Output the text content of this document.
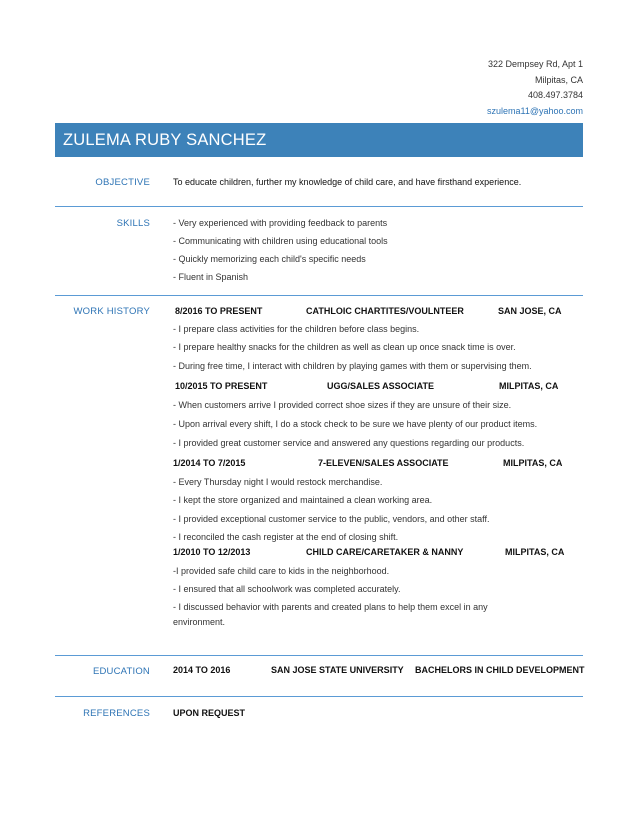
322 Dempsey Rd, Apt 1
Milpitas, CA
408.497.3784
szulema11@yahoo.com
ZULEMA RUBY SANCHEZ
OBJECTIVE	To educate children, further my knowledge of child care, and have firsthand experience.
SKILLS	- Very experienced with providing feedback to parents
- Communicating with children using educational tools
- Quickly memorizing each child's specific needs
- Fluent in Spanish
WORK HISTORY	8/2016 TO PRESENT	CATHLOIC CHARTITES/VOULNTEER	SAN JOSE, CA
- I prepare class activities for the children before class begins.
- I prepare healthy snacks for the children as well as clean up once snack time is over.
- During free time, I interact with children by playing games with them or supervising them.
10/2015 TO PRESENT	UGG/SALES ASSOCIATE	MILPITAS, CA
- When customers arrive I provided correct shoe sizes if they are unsure of their size.
- Upon arrival every shift, I do a stock check to be sure we have plenty of our product items.
- I provided great customer service and answered any questions regarding our products.
1/2014 TO 7/2015	7-ELEVEN/SALES ASSOCIATE	MILPITAS, CA
- Every Thursday night I would restock merchandise.
- I kept the store organized and maintained a clean working area.
- I provided exceptional customer service to the public, vendors, and other staff.
- I reconciled the cash register at the end of closing shift.
1/2010 TO 12/2013	CHILD CARE/CARETAKER & NANNY	MILPITAS, CA
-I provided safe child care to kids in the neighborhood.
- I ensured that all schoolwork was completed accurately.
- I discussed behavior with parents and created plans to help them excel in any
environment.
EDUCATION	2014 TO 2016	SAN JOSE STATE UNIVERSITY BACHELORS IN CHILD DEVELOPMENT
REFERENCES	UPON REQUEST
